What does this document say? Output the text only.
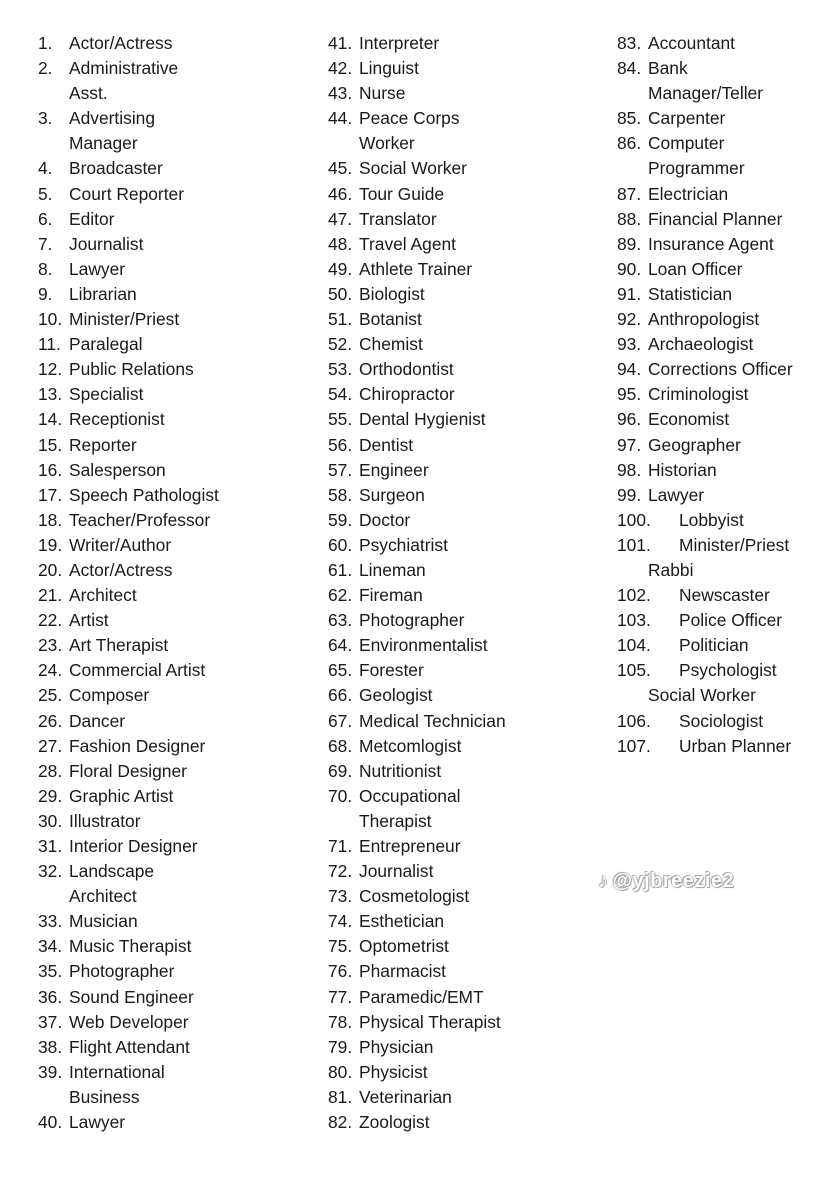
1. Actor/Actress
2. Administrative
Asst.
3. Advertising
Manager
4. Broadcaster
5. Court Reporter
6. Editor
7. Journalist
8. Lawyer
9. Librarian
10. Minister/Priest
11. Paralegal
12. Public Relations
13. Specialist
14. Receptionist
15. Reporter
16. Salesperson
17. Speech Pathologist
18. Teacher/Professor
19. Writer/Author
20. Actor/Actress
21. Architect
22. Artist
23. Art Therapist
24. Commercial Artist
25. Composer
26. Dancer
27. Fashion Designer
28. Floral Designer
29. Graphic Artist
30. Illustrator
31. Interior Designer
32. Landscape
Architect
33. Musician
34. Music Therapist
35. Photographer
36. Sound Engineer
37. Web Developer
38. Flight Attendant
39. International
Business
40. Lawyer
41. Interpreter
42. Linguist
43. Nurse
44. Peace Corps
Worker
45. Social Worker
46. Tour Guide
47. Translator
48. Travel Agent
49. Athlete Trainer
50. Biologist
51. Botanist
52. Chemist
53. Orthodontist
54. Chiropractor
55. Dental Hygienist
56. Dentist
57. Engineer
58. Surgeon
59. Doctor
60. Psychiatrist
61. Lineman
62. Fireman
63. Photographer
64. Environmentalist
65. Forester
66. Geologist
67. Medical Technician
68. Metcomlogist
69. Nutritionist
70. Occupational
Therapist
71. Entrepreneur
72. Journalist
73. Cosmetologist
74. Esthetician
75. Optometrist
76. Pharmacist
77. Paramedic/EMT
78. Physical Therapist
79. Physician
80. Physicist
81. Veterinarian
82. Zoologist
83. Accountant
84. Bank
Manager/Teller
85. Carpenter
86. Computer
Programmer
87. Electrician
88. Financial Planner
89. Insurance Agent
90. Loan Officer
91. Statistician
92. Anthropologist
93. Archaeologist
94. Corrections Officer
95. Criminologist
96. Economist
97. Geographer
98. Historian
99. Lawyer
100. Lobbyist
101. Minister/Priest
Rabbi
102. Newscaster
103. Police Officer
104. Politician
105. Psychologist
Social Worker
106. Sociologist
107. Urban Planner
♪ @yjbreezie2
